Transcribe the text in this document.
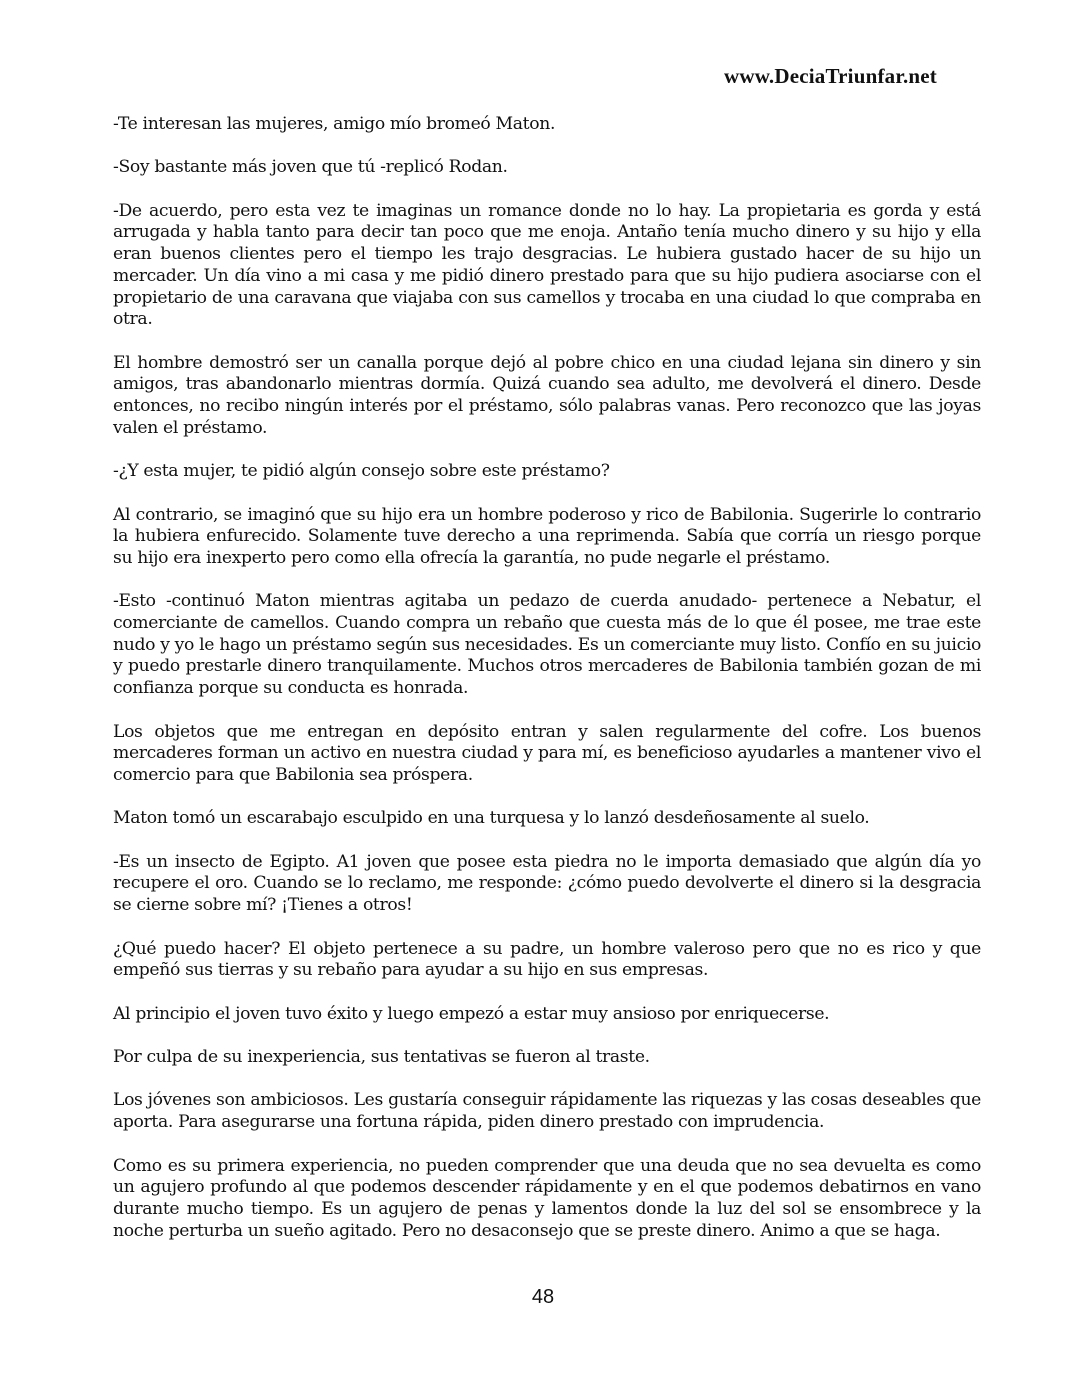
www.DeciaTriunfar.net

-Te interesan las mujeres, amigo mío bromeó Maton.

-Soy bastante más joven que tú -replicó Rodan.

-De acuerdo, pero esta vez te imaginas un romance donde no lo hay. La propietaria es gorda y está arrugada y habla tanto para decir tan poco que me enoja. Antaño tenía mucho dinero y su hijo y ella eran buenos clientes pero el tiempo les trajo desgracias. Le hubiera gustado hacer de su hijo un mercader. Un día vino a mi casa y me pidió dinero prestado para que su hijo pudiera asociarse con el propietario de una caravana que viajaba con sus camellos y trocaba en una ciudad lo que compraba en otra.

El hombre demostró ser un canalla porque dejó al pobre chico en una ciudad lejana sin dinero y sin amigos, tras abandonarlo mientras dormía. Quizá cuando sea adulto, me devolverá el dinero. Desde entonces, no recibo ningún interés por el préstamo, sólo palabras vanas. Pero reconozco que las joyas valen el préstamo.

-¿Y esta mujer, te pidió algún consejo sobre este préstamo?

Al contrario, se imaginó que su hijo era un hombre poderoso y rico de Babilonia. Sugerirle lo contrario la hubiera enfurecido. Solamente tuve derecho a una reprimenda. Sabía que corría un riesgo porque su hijo era inexperto pero como ella ofrecía la garantía, no pude negarle el préstamo.

-Esto -continuó Maton mientras agitaba un pedazo de cuerda anudado- pertenece a Nebatur, el comerciante de camellos. Cuando compra un rebaño que cuesta más de lo que él posee, me trae este nudo y yo le hago un préstamo según sus necesidades. Es un comerciante muy listo. Confío en su juicio y puedo prestarle dinero tranquilamente. Muchos otros mercaderes de Babilonia también gozan de mi confianza porque su conducta es honrada.

Los objetos que me entregan en depósito entran y salen regularmente del cofre. Los buenos mercaderes forman un activo en nuestra ciudad y para mí, es beneficioso ayudarles a mantener vivo el comercio para que Babilonia sea próspera.

Maton tomó un escarabajo esculpido en una turquesa y lo lanzó desdeñosamente al suelo.

-Es un insecto de Egipto. A1 joven que posee esta piedra no le importa demasiado que algún día yo recupere el oro. Cuando se lo reclamo, me responde: ¿cómo puedo devolverte el dinero si la desgracia se cierne sobre mí? ¡Tienes a otros!

¿Qué puedo hacer? El objeto pertenece a su padre, un hombre valeroso pero que no es rico y que empeñó sus tierras y su rebaño para ayudar a su hijo en sus empresas.

Al principio el joven tuvo éxito y luego empezó a estar muy ansioso por enriquecerse.

Por culpa de su inexperiencia, sus tentativas se fueron al traste.

Los jóvenes son ambiciosos. Les gustaría conseguir rápidamente las riquezas y las cosas deseables que aporta. Para asegurarse una fortuna rápida, piden dinero prestado con imprudencia.

Como es su primera experiencia, no pueden comprender que una deuda que no sea devuelta es como un agujero profundo al que podemos descender rápidamente y en el que podemos debatirnos en vano durante mucho tiempo. Es un agujero de penas y lamentos donde la luz del sol se ensombrece y la noche perturba un sueño agitado. Pero no desaconsejo que se preste dinero. Animo a que se haga.

48
